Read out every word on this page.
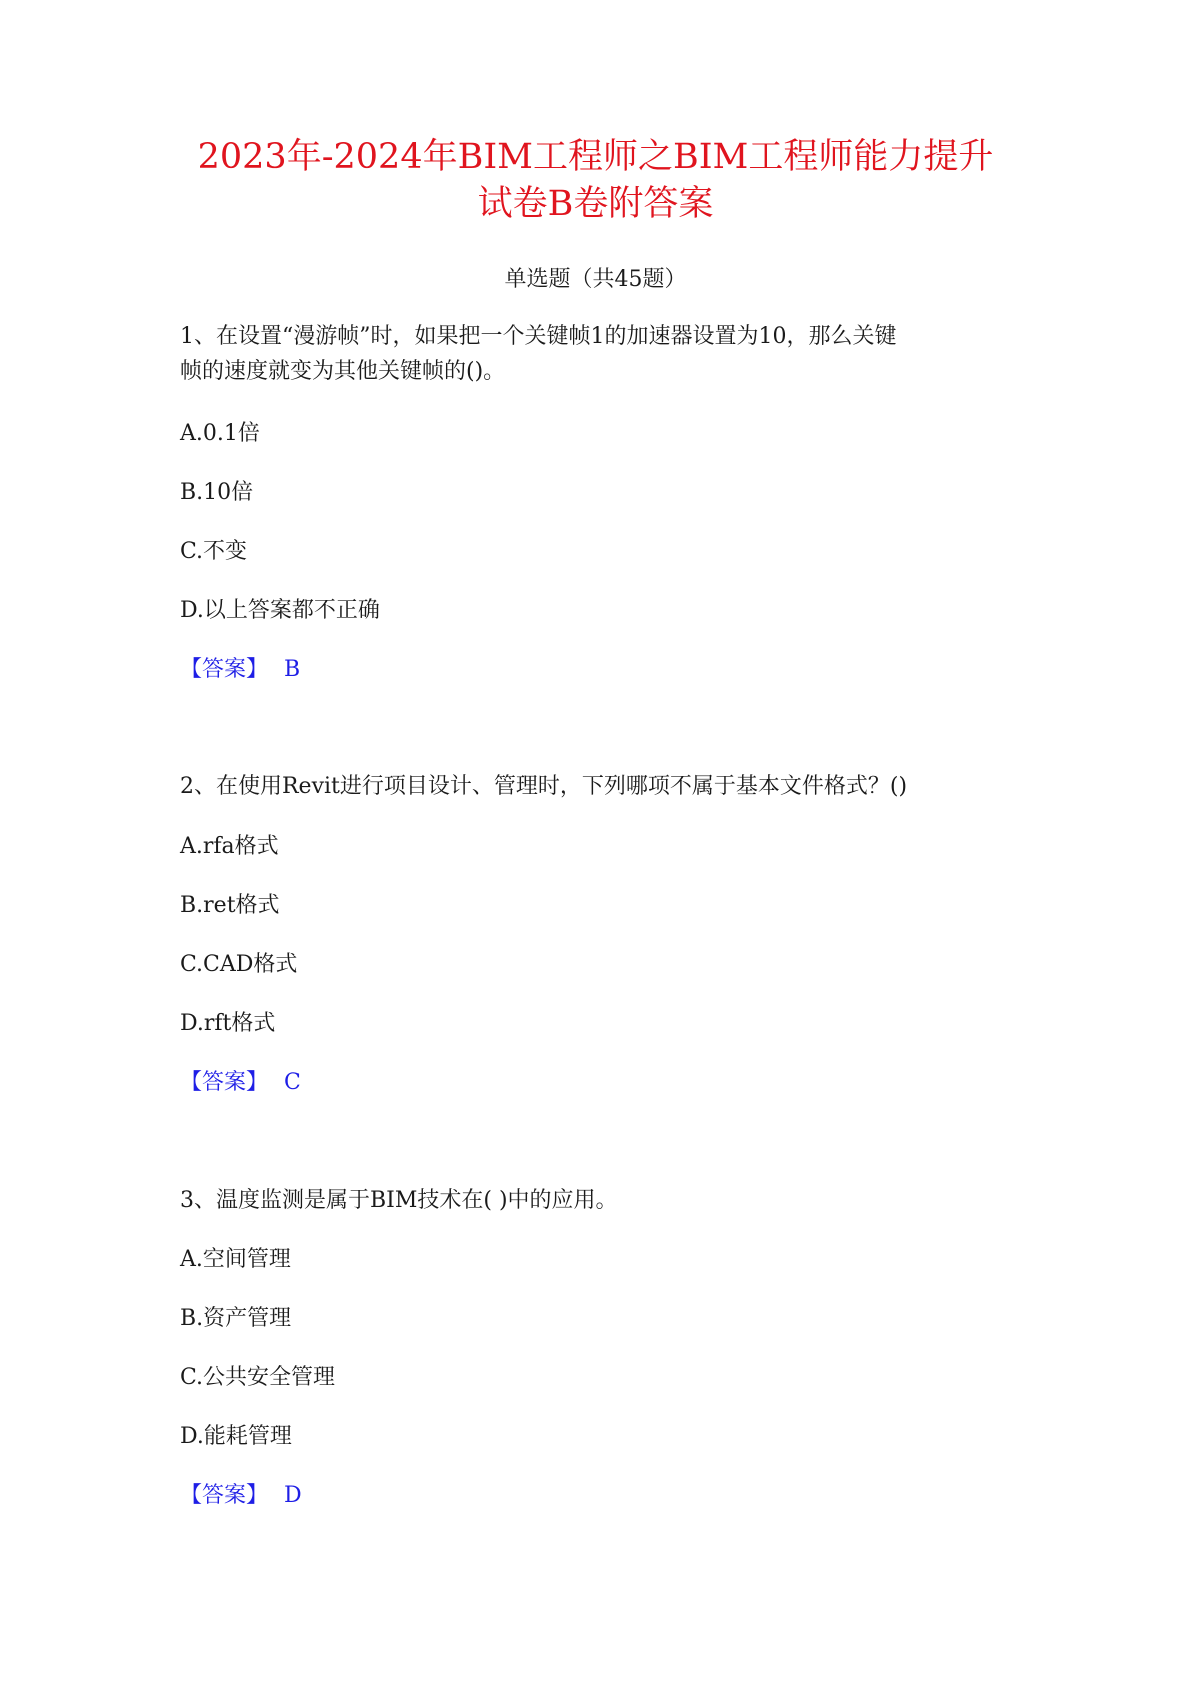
2023年-2024年BIM工程师之BIM工程师能力提升
试卷B卷附答案
单选题（共45题）
1、在设置“漫游帧”时，如果把一个关键帧1的加速器设置为10，那么关键
帧的速度就变为其他关键帧的()。
A.0.1倍
B.10倍
C.不变
D.以上答案都不正确
【答案】 B
2、在使用Revit进行项目设计、管理时，下列哪项不属于基本文件格式？()
A.rfa格式
B.ret格式
C.CAD格式
D.rft格式
【答案】 C
3、温度监测是属于BIM技术在( )中的应用。
A.空间管理
B.资产管理
C.公共安全管理
D.能耗管理
【答案】 D
